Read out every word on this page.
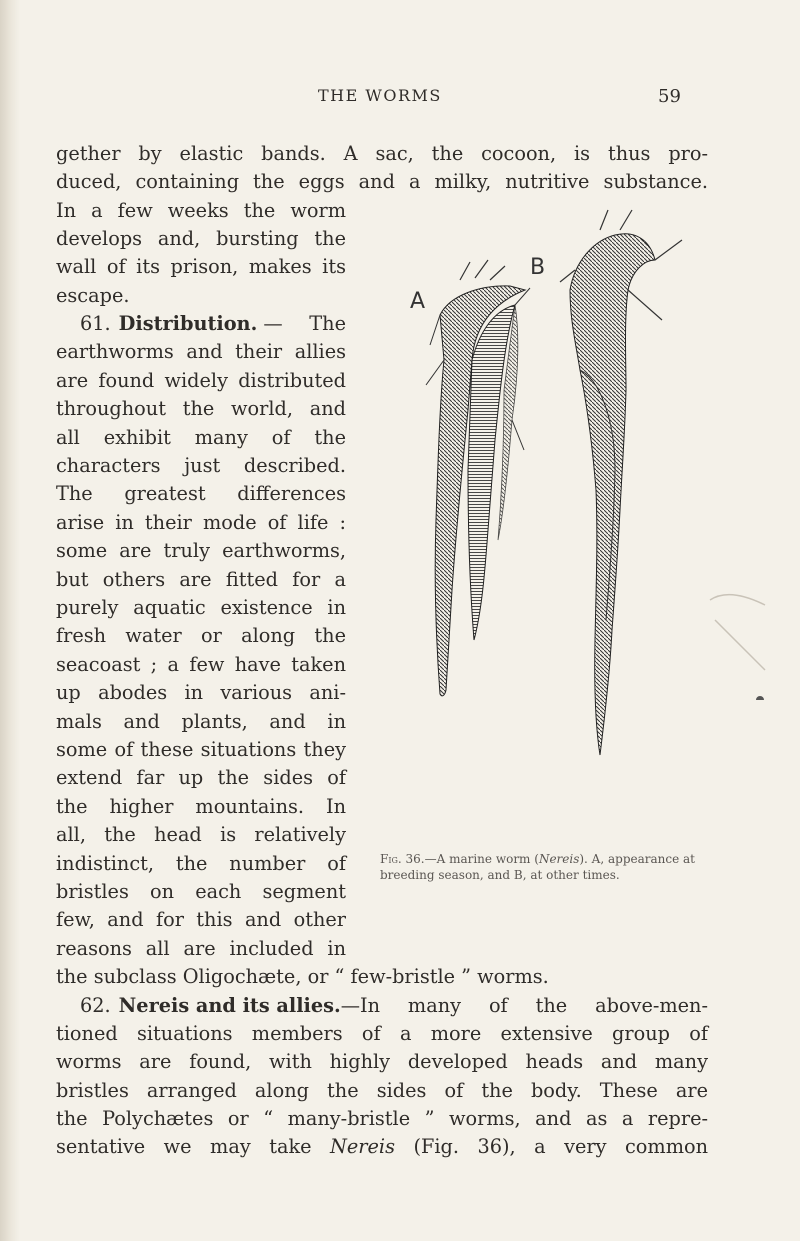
THE WORMS	59
gether by elastic bands. A sac, the cocoon, is thus pro-
duced, containing the eggs and a milky, nutritive substance.
In a few weeks the worm
develops and, bursting the
wall of its prison, makes its
escape.
61. Distribution. — The
earthworms and their allies
are found widely distributed
throughout the world, and
all exhibit many of the
characters just described.
The greatest differences
arise in their mode of life :
some are truly earthworms,
but others are fitted for a
purely aquatic existence in
fresh water or along the
seacoast ; a few have taken
up abodes in various ani-
mals and plants, and in
some of these situations they
extend far up the sides of
the higher mountains. In
all, the head is relatively
indistinct, the number of
bristles on each segment
few, and for this and other
reasons all are included in
the subclass Oligochæte, or “ few-bristle ” worms.
62. Nereis and its allies. —In many of the above-men-
tioned situations members of a more extensive group of
worms are found, with highly developed heads and many
bristles arranged along the sides of the body. These are
the Polychætes or “ many-bristle ” worms, and as a repre-
sentative we may take Nereis (Fig. 36), a very common
A
B
Fig. 36.—A marine worm (Nereis). A, appearance at breeding season, and B, at other times.
